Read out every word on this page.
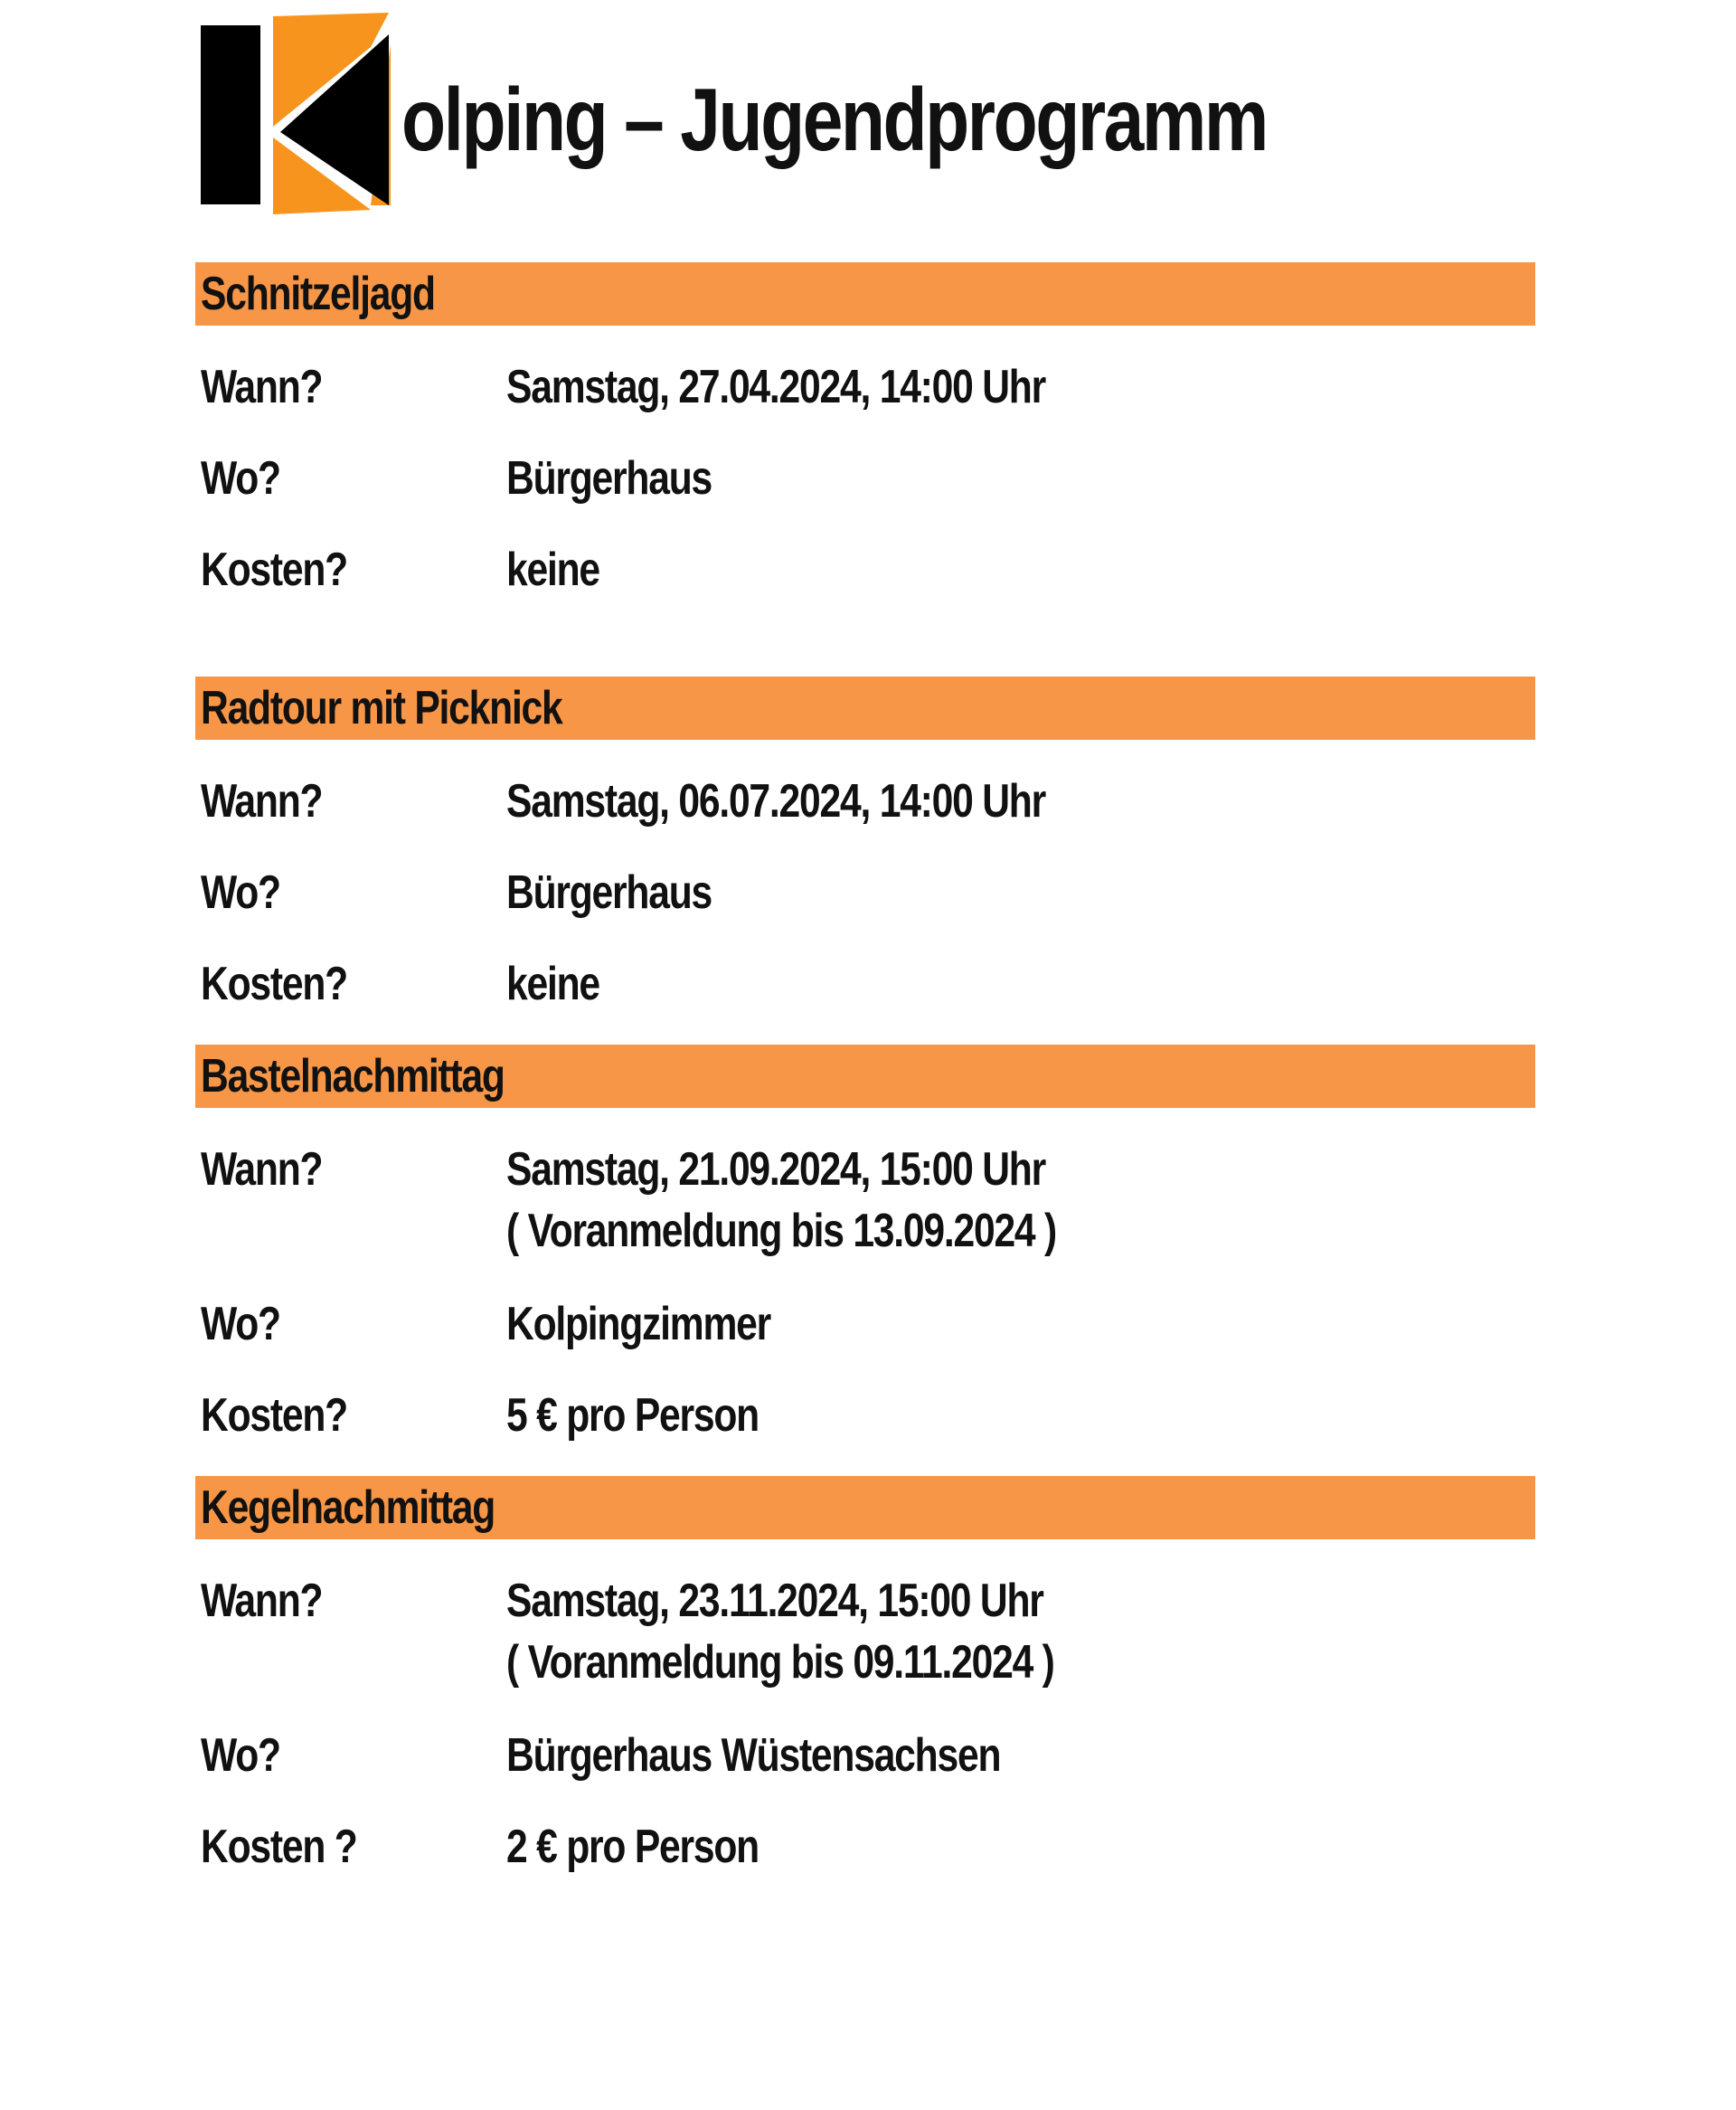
olping – Jugendprogramm
Schnitzeljagd
Wann?	Samstag, 27.04.2024, 14:00 Uhr
Wo?	Bürgerhaus
Kosten?	keine
Radtour mit Picknick
Wann?	Samstag, 06.07.2024, 14:00 Uhr
Wo?	Bürgerhaus
Kosten?	keine
Bastelnachmittag
Wann?	Samstag, 21.09.2024, 15:00 Uhr
( Voranmeldung bis 13.09.2024 )
Wo?	Kolpingzimmer
Kosten?	5 € pro Person
Kegelnachmittag
Wann?	Samstag, 23.11.2024, 15:00 Uhr
( Voranmeldung bis 09.11.2024 )
Wo?	Bürgerhaus Wüstensachsen
Kosten ?	2 € pro Person
